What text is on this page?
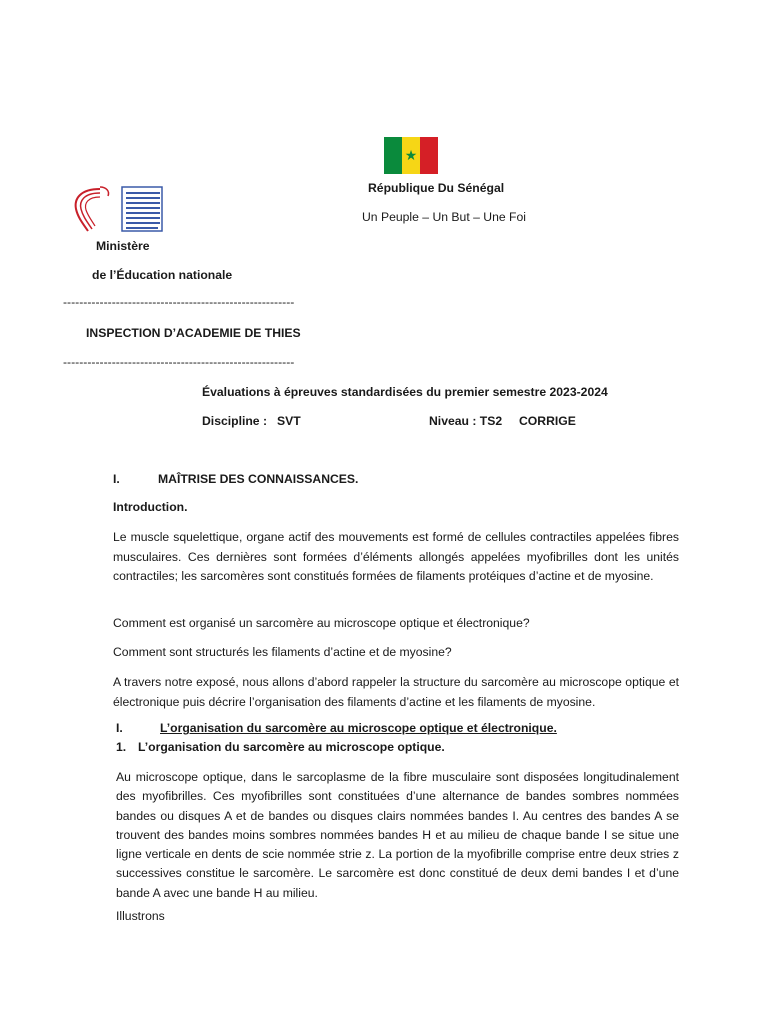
★
République Du Sénégal
Un Peuple – Un But – Une Foi
Ministère
de l’Éducation nationale
---------------------------------------------------------
INSPECTION D’ACADEMIE DE THIES
---------------------------------------------------------
Évaluations à épreuves standardisées du premier semestre 2023-2024
Discipline : SVT	Niveau : TS2 CORRIGE
I.	MAÎTRISE DES CONNAISSANCES.
Introduction.
Le muscle squelettique, organe actif des mouvements est formé de cellules contractiles appelées fibres musculaires. Ces dernières sont formées d’éléments allongés appelées myofibrilles dont les unités contractiles; les sarcomères sont constitués formées de filaments protéiques d’actine et de myosine.
Comment est organisé un sarcomère au microscope optique et électronique?
Comment sont structurés les filaments d’actine et de myosine?
A travers notre exposé, nous allons d’abord rappeler la structure du sarcomère au microscope optique et électronique puis décrire l’organisation des filaments d’actine et les filaments de myosine.
I.	L’organisation du sarcomère au microscope optique et électronique.
1. L’organisation du sarcomère au microscope optique.
Au microscope optique, dans le sarcoplasme de la fibre musculaire sont disposées longitudinalement des myofibrilles. Ces myofibrilles sont constituées d’une alternance de bandes sombres nommées bandes ou disques A et de bandes ou disques clairs nommées bandes I. Au centres des bandes A se trouvent des bandes moins sombres nommées bandes H et au milieu de chaque bande I se situe une ligne verticale en dents de scie nommée strie z. La portion de la myofibrille comprise entre deux stries z successives constitue le sarcomère. Le sarcomère est donc constitué de deux demi bandes I et d’une bande A avec une bande H au milieu.
Illustrons
